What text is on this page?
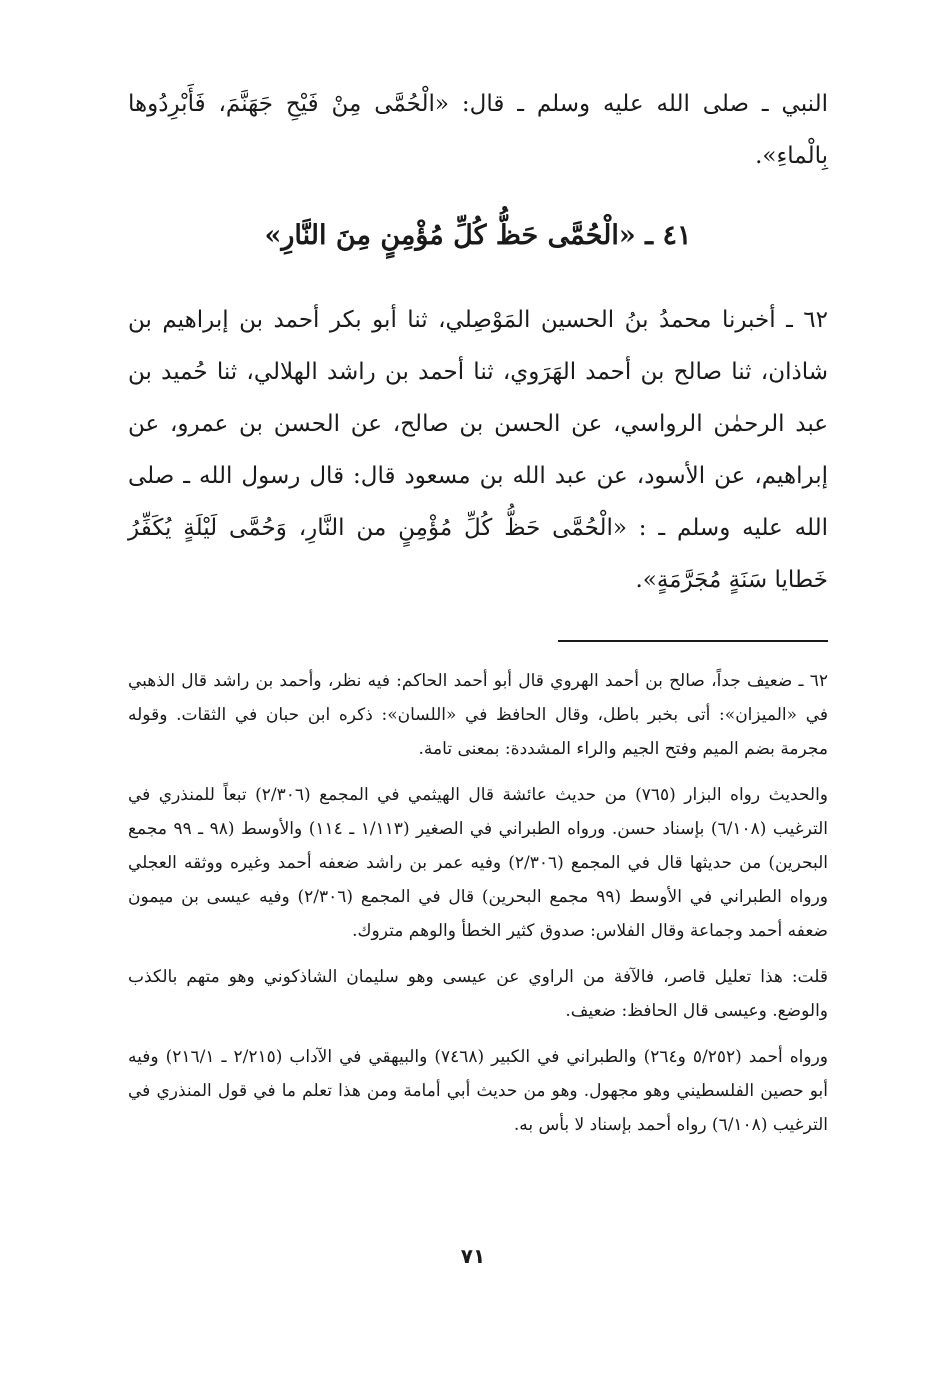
النبي ـ صلى الله عليه وسلم ـ قال: «الْحُمَّى مِنْ فَيْحِ جَهَنَّمَ، فَأَبْرِدُوها بِالْماءِ».

٤١ ـ «الْحُمَّى حَظُّ كُلِّ مُؤْمِنٍ مِنَ النَّارِ»

٦٢ ـ أخبرنا محمدُ بنُ الحسين المَوْصِلي، ثنا أبو بكر أحمد بن إبراهيم بن شاذان، ثنا صالح بن أحمد الهَرَوي، ثنا أحمد بن راشد الهلالي، ثنا حُميد بن عبد الرحمٰن الرواسي، عن الحسن بن صالح، عن الحسن بن عمرو، عن إبراهيم، عن الأسود، عن عبد الله بن مسعود قال: قال رسول الله ـ صلى الله عليه وسلم ـ : «الْحُمَّى حَظُّ كُلِّ مُؤْمِنٍ من النَّارِ، وَحُمَّى لَيْلَةٍ يُكَفِّرُ خَطايا سَنَةٍ مُجَرَّمَةٍ».

٦٢ ـ ضعيف جداً، صالح بن أحمد الهروي قال أبو أحمد الحاكم: فيه نظر، وأحمد بن راشد قال الذهبي في «الميزان»: أتى بخبر باطل، وقال الحافظ في «اللسان»: ذكره ابن حبان في الثقات. وقوله مجرمة بضم الميم وفتح الجيم والراء المشددة: بمعنى تامة.

والحديث رواه البزار (٧٦٥) من حديث عائشة قال الهيثمي في المجمع (٢/٣٠٦) تبعاً للمنذري في الترغيب (٦/١٠٨) بإسناد حسن. ورواه الطبراني في الصغير (١/١١٣ ـ ١١٤) والأوسط (٩٨ ـ ٩٩ مجمع البحرين) من حديثها قال في المجمع (٢/٣٠٦) وفيه عمر بن راشد ضعفه أحمد وغيره ووثقه العجلي ورواه الطبراني في الأوسط (٩٩ مجمع البحرين) قال في المجمع (٢/٣٠٦) وفيه عيسى بن ميمون ضعفه أحمد وجماعة وقال الفلاس: صدوق كثير الخطأ والوهم متروك.

قلت: هذا تعليل قاصر، فالآفة من الراوي عن عيسى وهو سليمان الشاذكوني وهو متهم بالكذب والوضع. وعيسى قال الحافظ: ضعيف.

ورواه أحمد (٥/٢٥٢ و٢٦٤) والطبراني في الكبير (٧٤٦٨) والبيهقي في الآداب (٢/٢١٥ ـ ٢١٦/١) وفيه أبو حصين الفلسطيني وهو مجهول. وهو من حديث أبي أمامة ومن هذا تعلم ما في قول المنذري في الترغيب (٦/١٠٨) رواه أحمد بإسناد لا بأس به.

٧١
